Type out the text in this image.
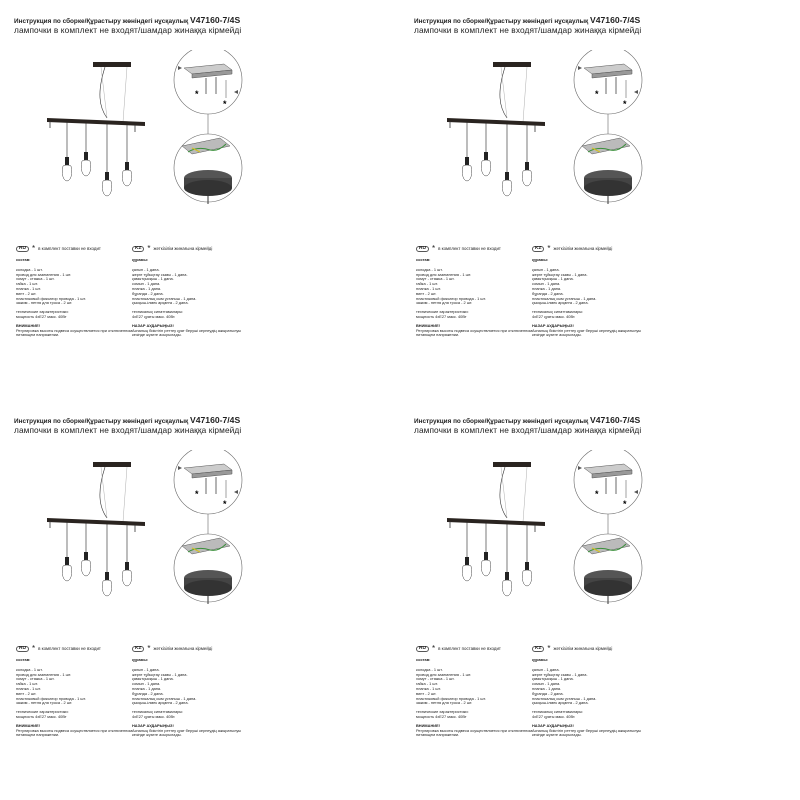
Инструкция по сборке/Құрастыру жөніндегі нұсқаулық V47160-7/4S
лампочки в комплект не входят/шамдар жинаққа кірмейді
*
*
RU * в комплект поставки не входит	KZ * жеткізілім жинағына кірмейді
состав:
колодка - 1 шт.
провод для заземления - 1 шт.
хомут - стяжка - 1 шт.
гайка - 1 шт.
планка - 1 шт.
винт - 2 шт.
пластиковый фиксатор провода - 1 шт.
зажим - петля для троса - 2 шт.
технические характеристики:
мощность 4хЕ27 макс. 40Вт
ВНИМАНИЕ!
Регулировка высоты подвеса осуществляется при отключенном питающем напряжении.
құрамы:
қалып - 1 дана.
жерге тұйықтау сымы - 1 дана.
қамытқысқыш - 1 дана.
сомын - 1 дана.
планка - 1 дана.
бұранда - 2 дана.
пластикалық сым ұстағыш - 1 дана.
қысқыш-ілмек арқанға - 2 дана.
техникалық сипаттамалары:
4хЕ27 қуаты макс. 40Вт.
НАЗАР АУДАРЫҢЫЗ!
Аспалың биіктігін реттеу қуат беруші кернеудің ажыратылуы кезінде жүзеге асырылады.
Инструкция по сборке/Құрастыру жөніндегі нұсқаулық V47160-7/4S
лампочки в комплект не входят/шамдар жинаққа кірмейді
*
*
RU * в комплект поставки не входит	KZ * жеткізілім жинағына кірмейді
состав:
колодка - 1 шт.
провод для заземления - 1 шт.
хомут - стяжка - 1 шт.
гайка - 1 шт.
планка - 1 шт.
винт - 2 шт.
пластиковый фиксатор провода - 1 шт.
зажим - петля для троса - 2 шт.
технические характеристики:
мощность 4хЕ27 макс. 40Вт
ВНИМАНИЕ!
Регулировка высоты подвеса осуществляется при отключенном питающем напряжении.
құрамы:
қалып - 1 дана.
жерге тұйықтау сымы - 1 дана.
қамытқысқыш - 1 дана.
сомын - 1 дана.
планка - 1 дана.
бұранда - 2 дана.
пластикалық сым ұстағыш - 1 дана.
қысқыш-ілмек арқанға - 2 дана.
техникалық сипаттамалары:
4хЕ27 қуаты макс. 40Вт.
НАЗАР АУДАРЫҢЫЗ!
Аспалың биіктігін реттеу қуат беруші кернеудің ажыратылуы кезінде жүзеге асырылады.
Инструкция по сборке/Құрастыру жөніндегі нұсқаулық V47160-7/4S
лампочки в комплект не входят/шамдар жинаққа кірмейді
*
*
RU * в комплект поставки не входит	KZ * жеткізілім жинағына кірмейді
состав:
колодка - 1 шт.
провод для заземления - 1 шт.
хомут - стяжка - 1 шт.
гайка - 1 шт.
планка - 1 шт.
винт - 2 шт.
пластиковый фиксатор провода - 1 шт.
зажим - петля для троса - 2 шт.
технические характеристики:
мощность 4хЕ27 макс. 40Вт
ВНИМАНИЕ!
Регулировка высоты подвеса осуществляется при отключенном питающем напряжении.
құрамы:
қалып - 1 дана.
жерге тұйықтау сымы - 1 дана.
қамытқысқыш - 1 дана.
сомын - 1 дана.
планка - 1 дана.
бұранда - 2 дана.
пластикалық сым ұстағыш - 1 дана.
қысқыш-ілмек арқанға - 2 дана.
техникалық сипаттамалары:
4хЕ27 қуаты макс. 40Вт.
НАЗАР АУДАРЫҢЫЗ!
Аспалың биіктігін реттеу қуат беруші кернеудің ажыратылуы кезінде жүзеге асырылады.
Инструкция по сборке/Құрастыру жөніндегі нұсқаулық V47160-7/4S
лампочки в комплект не входят/шамдар жинаққа кірмейді
*
*
RU * в комплект поставки не входит	KZ * жеткізілім жинағына кірмейді
состав:
колодка - 1 шт.
провод для заземления - 1 шт.
хомут - стяжка - 1 шт.
гайка - 1 шт.
планка - 1 шт.
винт - 2 шт.
пластиковый фиксатор провода - 1 шт.
зажим - петля для троса - 2 шт.
технические характеристики:
мощность 4хЕ27 макс. 40Вт
ВНИМАНИЕ!
Регулировка высоты подвеса осуществляется при отключенном питающем напряжении.
құрамы:
қалып - 1 дана.
жерге тұйықтау сымы - 1 дана.
қамытқысқыш - 1 дана.
сомын - 1 дана.
планка - 1 дана.
бұранда - 2 дана.
пластикалық сым ұстағыш - 1 дана.
қысқыш-ілмек арқанға - 2 дана.
техникалық сипаттамалары:
4хЕ27 қуаты макс. 40Вт.
НАЗАР АУДАРЫҢЫЗ!
Аспалың биіктігін реттеу қуат беруші кернеудің ажыратылуы кезінде жүзеге асырылады.
